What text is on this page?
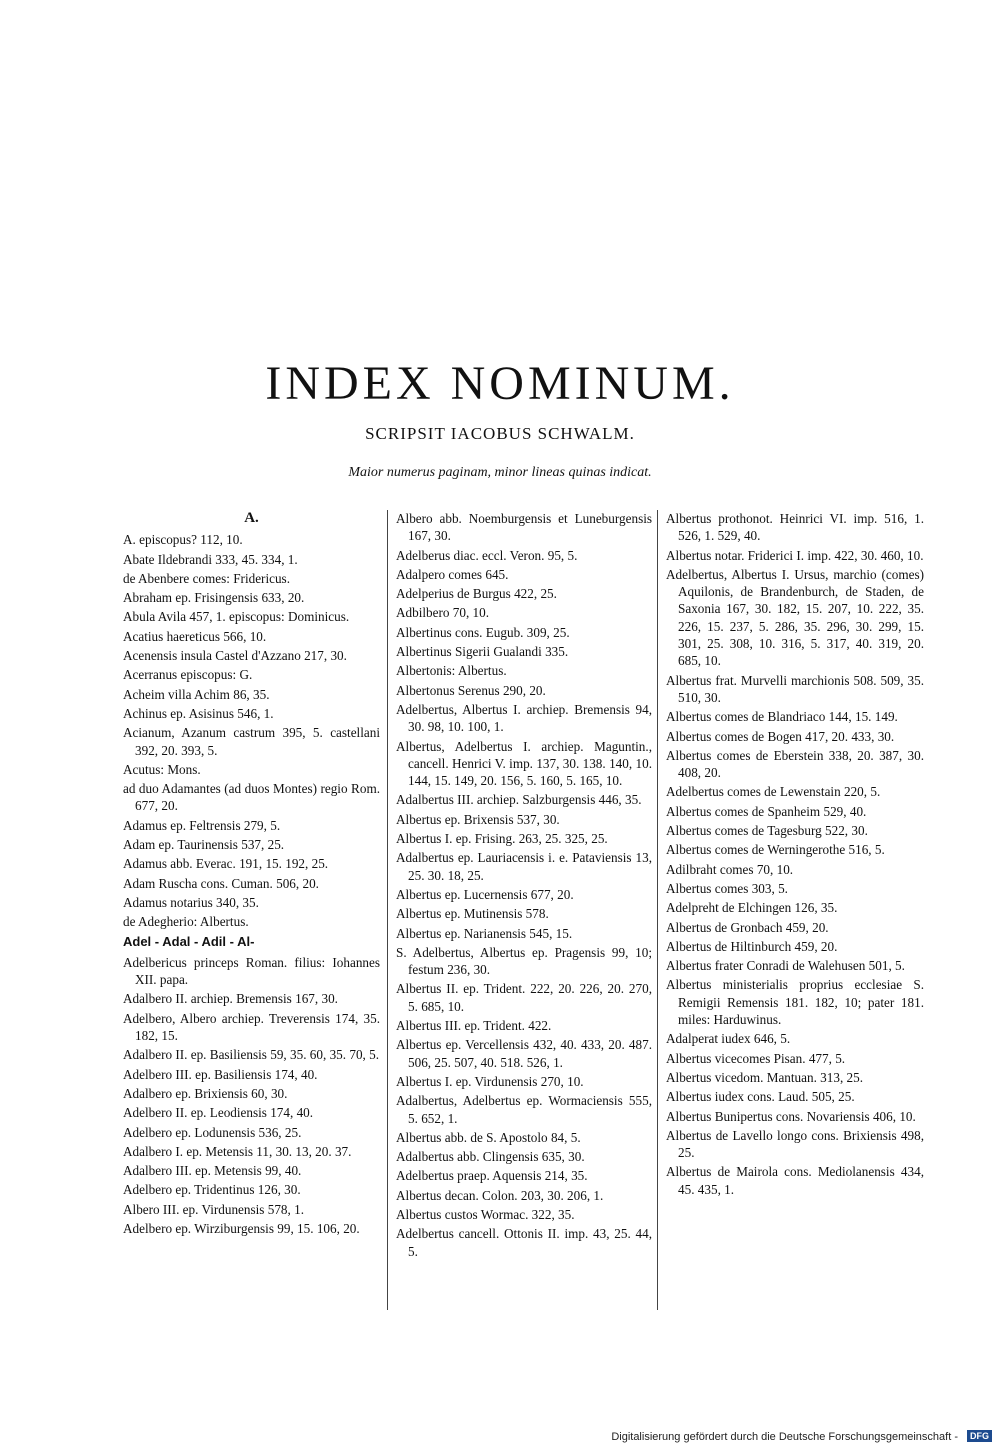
INDEX NOMINUM.
SCRIPSIT IACOBUS SCHWALM.
Maior numerus paginam, minor lineas quinas indicat.
A.
A. episcopus? 112, 10.
Abate Ildebrandi 333, 45. 334, 1.
de Abenbere comes: Fridericus.
Abraham ep. Frisingensis 633, 20.
Abula Avila 457, 1. episcopus: Dominicus.
Acatius haereticus 566, 10.
Acenensis insula Castel d'Azzano 217, 30.
Acerranus episcopus: G.
Acheim villa Achim 86, 35.
Achinus ep. Asisinus 546, 1.
Acianum, Azanum castrum 395, 5. castellani 392, 20. 393, 5.
Acutus: Mons.
ad duo Adamantes (ad duos Montes) regio Rom. 677, 20.
Adamus ep. Feltrensis 279, 5.
Adam ep. Taurinensis 537, 25.
Adamus abb. Everac. 191, 15. 192, 25.
Adam Ruscha cons. Cuman. 506, 20.
Adamus notarius 340, 35.
de Adegherio: Albertus.
Adel - Adal - Adil - Al-
Adelbericus princeps Roman. filius: Iohannes XII. papa.
Adalbero II. archiep. Bremensis 167, 30.
Adelbero, Albero archiep. Treverensis 174, 35. 182, 15.
Adalbero II. ep. Basiliensis 59, 35. 60, 35. 70, 5.
Adelbero III. ep. Basiliensis 174, 40.
Adalbero ep. Brixiensis 60, 30.
Adelbero II. ep. Leodiensis 174, 40.
Adelbero ep. Lodunensis 536, 25.
Adalbero I. ep. Metensis 11, 30. 13, 20. 37.
Adalbero III. ep. Metensis 99, 40.
Adelbero ep. Tridentinus 126, 30.
Albero III. ep. Virdunensis 578, 1.
Adelbero ep. Wirziburgensis 99, 15. 106, 20.
Albero abb. Noemburgensis et Luneburgensis 167, 30.
Adelberus diac. eccl. Veron. 95, 5.
Adalpero comes 645.
Adelperius de Burgus 422, 25.
Adbilbero 70, 10.
Albertinus cons. Eugub. 309, 25.
Albertinus Sigerii Gualandi 335.
Albertonis: Albertus.
Albertonus Serenus 290, 20.
Adelbertus, Albertus I. archiep. Bremensis 94, 30. 98, 10. 100, 1.
Albertus, Adelbertus I. archiep. Maguntin., cancell. Henrici V. imp. 137, 30. 138. 140, 10. 144, 15. 149, 20. 156, 5. 160, 5. 165, 10.
Adalbertus III. archiep. Salzburgensis 446, 35.
Albertus ep. Brixensis 537, 30.
Albertus I. ep. Frising. 263, 25. 325, 25.
Adalbertus ep. Lauriacensis i. e. Pataviensis 13, 25. 30. 18, 25.
Albertus ep. Lucernensis 677, 20.
Albertus ep. Mutinensis 578.
Albertus ep. Narianensis 545, 15.
S. Adelbertus, Albertus ep. Pragensis 99, 10; festum 236, 30.
Albertus II. ep. Trident. 222, 20. 226, 20. 270, 5. 685, 10.
Albertus III. ep. Trident. 422.
Albertus ep. Vercellensis 432, 40. 433, 20. 487. 506, 25. 507, 40. 518. 526, 1.
Albertus I. ep. Virdunensis 270, 10.
Adalbertus, Adelbertus ep. Wormaciensis 555, 5. 652, 1.
Albertus abb. de S. Apostolo 84, 5.
Adalbertus abb. Clingensis 635, 30.
Adelbertus praep. Aquensis 214, 35.
Albertus decan. Colon. 203, 30. 206, 1.
Albertus custos Wormac. 322, 35.
Adelbertus cancell. Ottonis II. imp. 43, 25. 44, 5.
Albertus prothonot. Heinrici VI. imp. 516, 1. 526, 1. 529, 40.
Albertus notar. Friderici I. imp. 422, 30. 460, 10.
Adelbertus, Albertus I. Ursus, marchio (comes) Aquilonis, de Brandenburch, de Staden, de Saxonia 167, 30. 182, 15. 207, 10. 222, 35. 226, 15. 237, 5. 286, 35. 296, 30. 299, 15. 301, 25. 308, 10. 316, 5. 317, 40. 319, 20. 685, 10.
Albertus frat. Murvelli marchionis 508. 509, 35. 510, 30.
Albertus comes de Blandriaco 144, 15. 149.
Albertus comes de Bogen 417, 20. 433, 30.
Albertus comes de Eberstein 338, 20. 387, 30. 408, 20.
Adelbertus comes de Lewenstain 220, 5.
Albertus comes de Spanheim 529, 40.
Albertus comes de Tagesburg 522, 30.
Albertus comes de Werningerothe 516, 5.
Adilbraht comes 70, 10.
Albertus comes 303, 5.
Adelpreht de Elchingen 126, 35.
Albertus de Gronbach 459, 20.
Albertus de Hiltinburch 459, 20.
Albertus frater Conradi de Walehusen 501, 5.
Albertus ministerialis proprius ecclesiae S. Remigii Remensis 181. 182, 10; pater 181. miles: Harduwinus.
Adalperat iudex 646, 5.
Albertus vicecomes Pisan. 477, 5.
Albertus vicedom. Mantuan. 313, 25.
Albertus iudex cons. Laud. 505, 25.
Albertus Bunipertus cons. Novariensis 406, 10.
Albertus de Lavello longo cons. Brixiensis 498, 25.
Albertus de Mairola cons. Mediolanensis 434, 45. 435, 1.
Digitalisierung gefördert durch die Deutsche Forschungsgemeinschaft -	DFG
